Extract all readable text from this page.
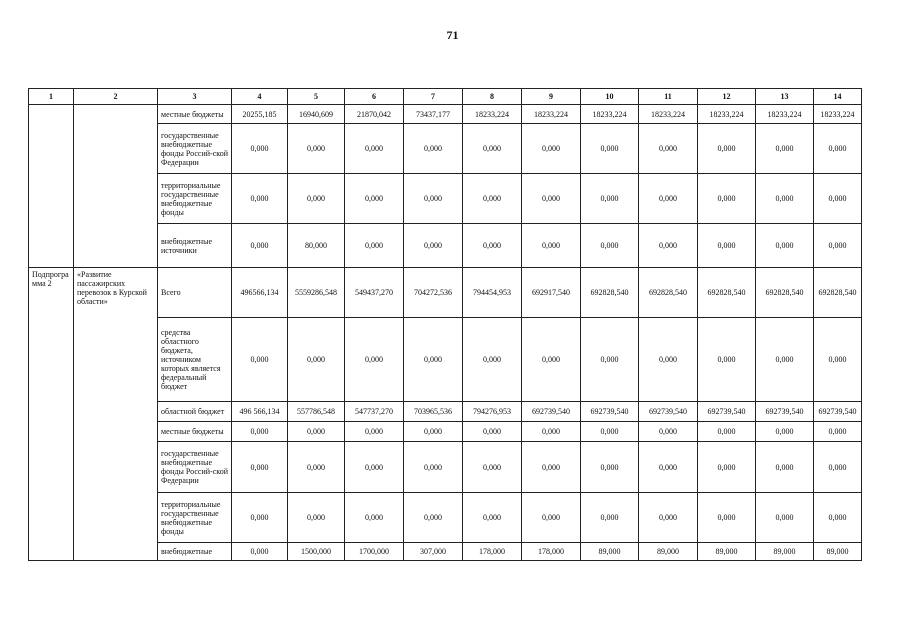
71
1	2	3	4	5	6	7	8	9	10	11	12	13	14
		местные бюджеты	20255,185	16940,609	21870,042	73437,177	18233,224	18233,224	18233,224	18233,224	18233,224	18233,224	18233,224
		государственные внебюджетные фонды Россий-ской Федерации	0,000	0,000	0,000	0,000	0,000	0,000	0,000	0,000	0,000	0,000	0,000
		территориальные государственные внебюджетные фонды	0,000	0,000	0,000	0,000	0,000	0,000	0,000	0,000	0,000	0,000	0,000
		внебюджетные источники	0,000	80,000	0,000	0,000	0,000	0,000	0,000	0,000	0,000	0,000	0,000
Подпрогра мма 2	«Развитие пассажирских перевозок в Курской области»	Всего	496566,134	5559286,548	549437,270	704272,536	794454,953	692917,540	692828,540	692828,540	692828,540	692828,540	692828,540
		средства областного бюджета, источником которых является федеральный бюджет	0,000	0,000	0,000	0,000	0,000	0,000	0,000	0,000	0,000	0,000	0,000
		областной бюджет	496 566,134	557786,548	547737,270	703965,536	794276,953	692739,540	692739,540	692739,540	692739,540	692739,540	692739,540
		местные бюджеты	0,000	0,000	0,000	0,000	0,000	0,000	0,000	0,000	0,000	0,000	0,000
		государственные внебюджетные фонды Россий-ской Федерации	0,000	0,000	0,000	0,000	0,000	0,000	0,000	0,000	0,000	0,000	0,000
		территориальные государственные внебюджетные фонды	0,000	0,000	0,000	0,000	0,000	0,000	0,000	0,000	0,000	0,000	0,000
		внебюджетные	0,000	1500,000	1700,000	307,000	178,000	178,000	89,000	89,000	89,000	89,000	89,000
